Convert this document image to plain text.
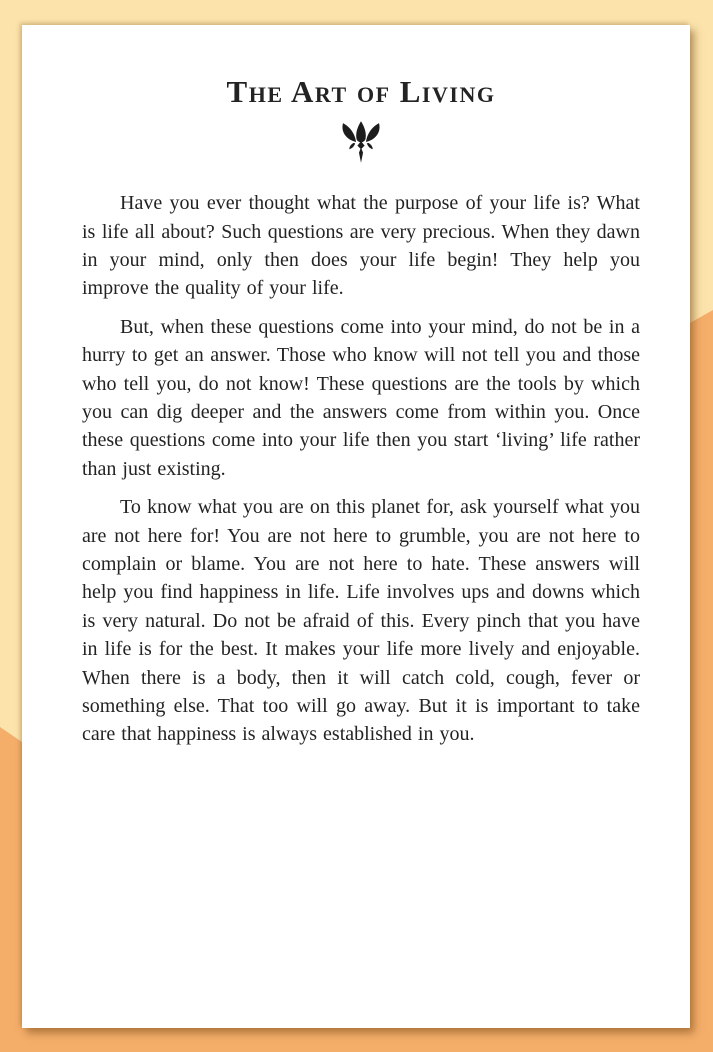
The Art of Living

Have you ever thought what the purpose of your life is? What is life all about? Such questions are very precious. When they dawn in your mind, only then does your life begin! They help you improve the quality of your life.

But, when these questions come into your mind, do not be in a hurry to get an answer. Those who know will not tell you and those who tell you, do not know! These questions are the tools by which you can dig deeper and the answers come from within you. Once these questions come into your life then you start ‘living’ life rather than just existing.

To know what you are on this planet for, ask yourself what you are not here for! You are not here to grumble, you are not here to complain or blame. You are not here to hate. These answers will help you find happiness in life. Life involves ups and downs which is very natural. Do not be afraid of this. Every pinch that you have in life is for the best. It makes your life more lively and enjoyable. When there is a body, then it will catch cold, cough, fever or something else. That too will go away. But it is important to take care that happiness is always established in you.
